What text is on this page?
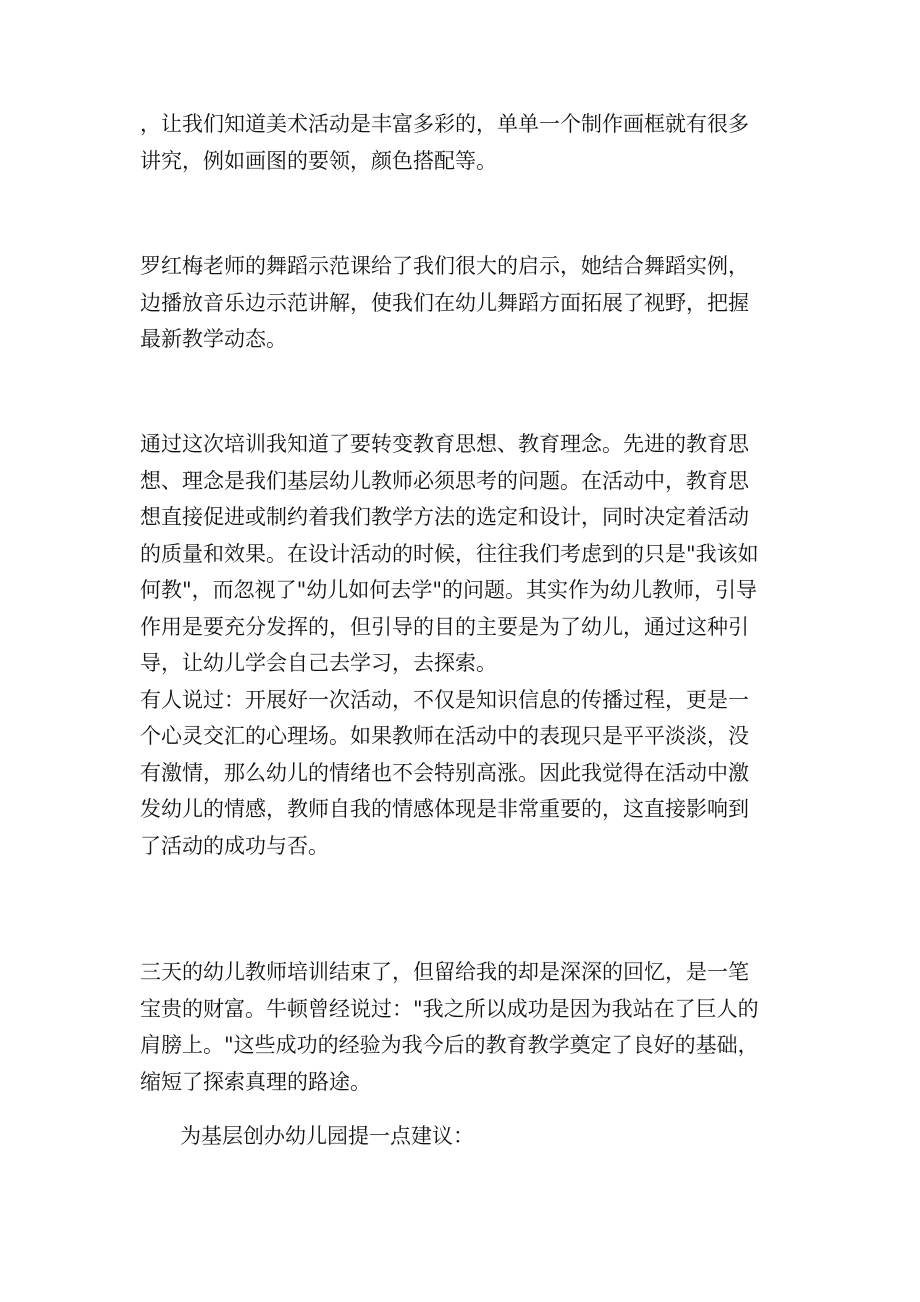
，让我们知道美术活动是丰富多彩的，单单一个制作画框就有很多
讲究，例如画图的要领，颜色搭配等。

罗红梅老师的舞蹈示范课给了我们很大的启示，她结合舞蹈实例，
边播放音乐边示范讲解，使我们在幼儿舞蹈方面拓展了视野，把握
最新教学动态。

通过这次培训我知道了要转变教育思想、教育理念。先进的教育思
想、理念是我们基层幼儿教师必须思考的问题。在活动中，教育思
想直接促进或制约着我们教学方法的选定和设计，同时决定着活动
的质量和效果。在设计活动的时候，往往我们考虑到的只是"我该如
何教"，而忽视了"幼儿如何去学"的问题。其实作为幼儿教师，引导
作用是要充分发挥的，但引导的目的主要是为了幼儿，通过这种引
导，让幼儿学会自己去学习，去探索。
有人说过：开展好一次活动，不仅是知识信息的传播过程，更是一
个心灵交汇的心理场。如果教师在活动中的表现只是平平淡淡，没
有激情，那么幼儿的情绪也不会特别高涨。因此我觉得在活动中激
发幼儿的情感，教师自我的情感体现是非常重要的，这直接影响到
了活动的成功与否。

三天的幼儿教师培训结束了，但留给我的却是深深的回忆，是一笔
宝贵的财富。牛顿曾经说过："我之所以成功是因为我站在了巨人的
肩膀上。"这些成功的经验为我今后的教育教学奠定了良好的基础，
缩短了探索真理的路途。

为基层创办幼儿园提一点建议：
